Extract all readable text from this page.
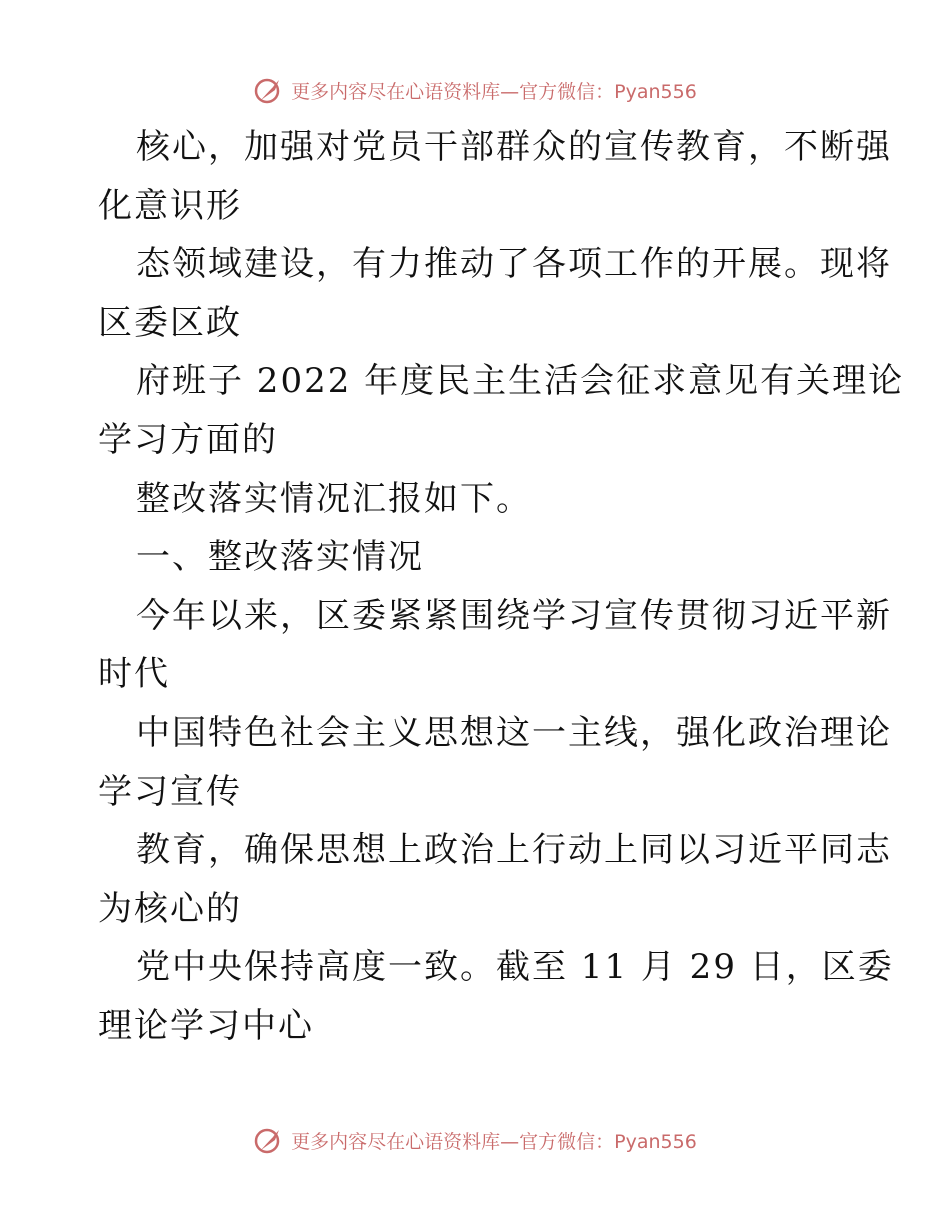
更多内容尽在心语资料库—官方微信：Pyan556
核心，加强对党员干部群众的宣传教育，不断强
化意识形
态领域建设，有力推动了各项工作的开展。现将
区委区政
府班子 2022 年度民主生活会征求意见有关理论
学习方面的
整改落实情况汇报如下。
一、整改落实情况
今年以来，区委紧紧围绕学习宣传贯彻习近平新
时代
中国特色社会主义思想这一主线，强化政治理论
学习宣传
教育，确保思想上政治上行动上同以习近平同志
为核心的
党中央保持高度一致。截至 11 月 29 日，区委
理论学习中心
更多内容尽在心语资料库—官方微信：Pyan556
